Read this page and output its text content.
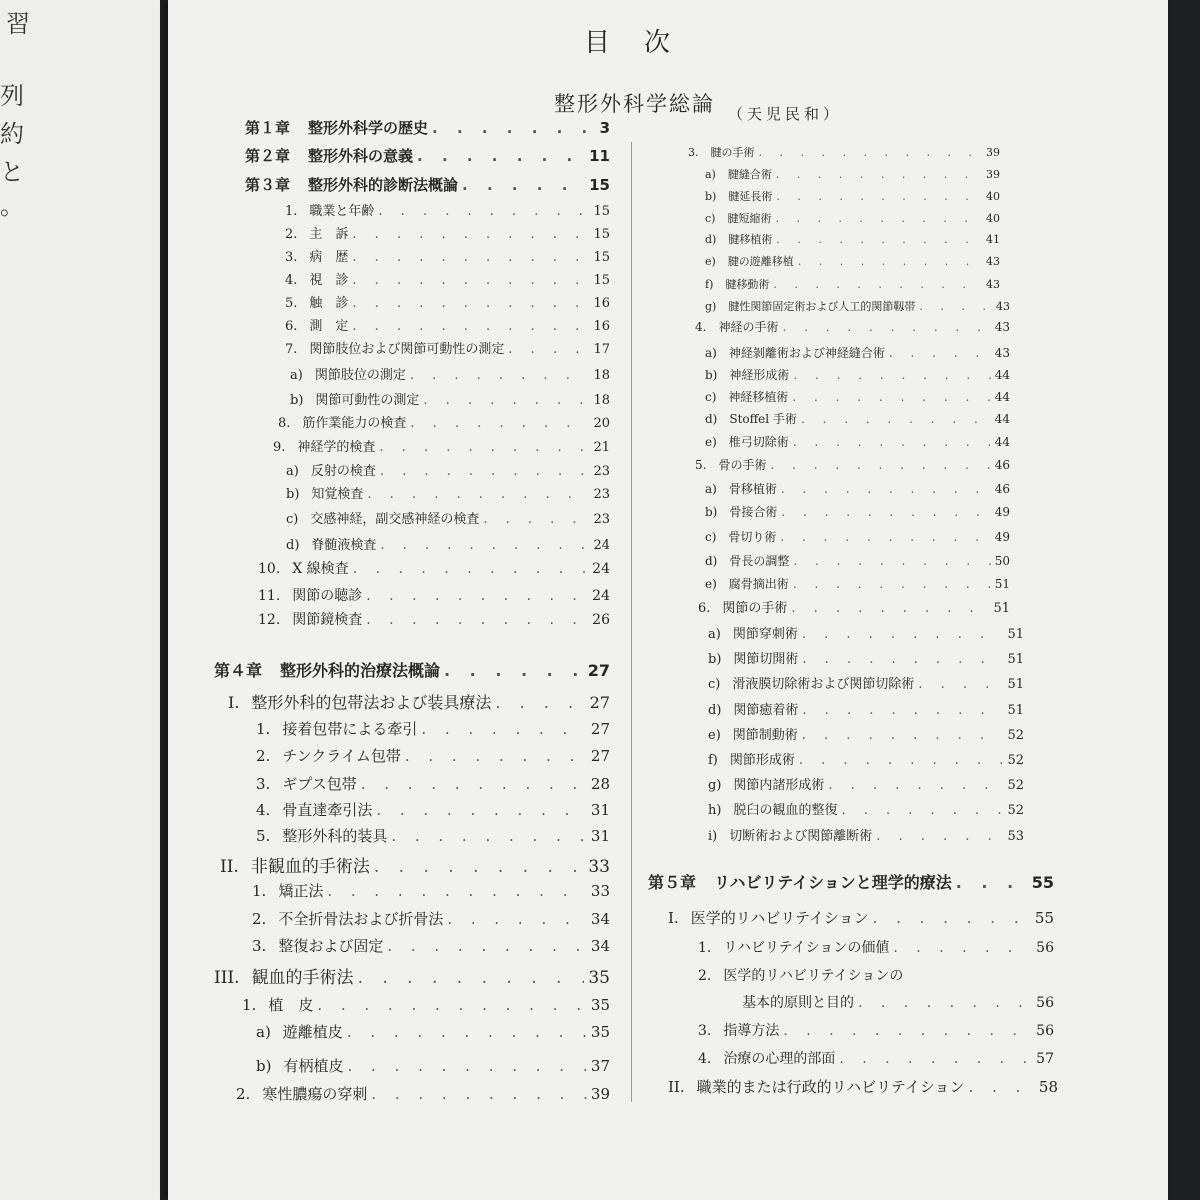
習
列
約
と
。
目次
整形外科学総論 （天児民和）
第１章 整形外科学の歴史 . . .	3
第２章 整形外科の意義 . . .	11
第３章 整形外科的診断法概論 . . .	15
1. 職業と年齢 . . .	15
2. 主　訴 . . .	15
3. 病　歴 . . .	15
4. 視　診 . . .	15
5. 触　診 . . .	16
6. 測　定 . . .	16
7. 関節肢位および関節可動性の測定 . . .	17
a) 関節肢位の測定 . . .	18
b) 関節可動性の測定 . . .	18
8. 筋作業能力の検査 . . .	20
9. 神経学的検査 . . .	21
a) 反射の検査 . . .	23
b) 知覚検査 . . .	23
c) 交感神経，副交感神経の検査 . . .	23
d) 脊髄液検査 . . .	24
10. X 線検査 . . .	24
11. 関節の聴診 . . .	24
12. 関節鏡検査 . . .	26
第４章 整形外科的治療法概論 . . .	27
I. 整形外科的包帯法および装具療法 . . .	27
1. 接着包帯による牽引 . . .	27
2. チンクライム包帯 . . .	27
3. ギプス包帯 . . .	28
4. 骨直達牽引法 . . .	31
5. 整形外科的装具 . . .	31
II. 非観血的手術法 . . .	33
1. 矯正法 . . .	33
2. 不全折骨法および折骨法 . . .	34
3. 整復および固定 . . .	34
III. 観血的手術法 . . .	35
1. 植　皮 . . .	35
a) 遊離植皮 . . .	35
b) 有柄植皮 . . .	37
2. 寒性膿瘍の穿刺 . . .	39
3. 腱の手術 . . .	39
a) 腱縫合術 . . .	39
b) 腱延長術 . . .	40
c) 腱短縮術 . . .	40
d) 腱移植術 . . .	41
e) 腱の遊離移植 . . .	43
f) 腱移動術 . . .	43
g) 腱性関節固定術および人工的関節靱帯 . . .	43
4. 神経の手術 . . .	43
a) 神経剝離術および神経縫合術 . . .	43
b) 神経形成術 . . .	44
c) 神経移植術 . . .	44
d) Stoffel 手術 . . .	44
e) 椎弓切除術 . . .	44
5. 骨の手術 . . .	46
a) 骨移植術 . . .	46
b) 骨接合術 . . .	49
c) 骨切り術 . . .	49
d) 骨長の調整 . . .	50
e) 腐骨摘出術 . . .	51
6. 関節の手術 . . .	51
a) 関節穿刺術 . . .	51
b) 関節切開術 . . .	51
c) 滑液膜切除術および関節切除術 . . .	51
d) 関節癒着術 . . .	51
e) 関節制動術 . . .	52
f) 関節形成術 . . .	52
g) 関節内諸形成術 . . .	52
h) 脱臼の観血的整復 . . .	52
i) 切断術および関節離断術 . . .	53
第５章 リハビリテイションと理学的療法 . . .	55
I. 医学的リハビリテイション . . .	55
1. リハビリテイションの価値 . . .	56
2. 医学的リハビリテイションの
基本的原則と目的 . . .	56
3. 指導方法 . . .	56
4. 治療の心理的部面 . . .	57
II. 職業的または行政的リハビリテイション . . .	58
